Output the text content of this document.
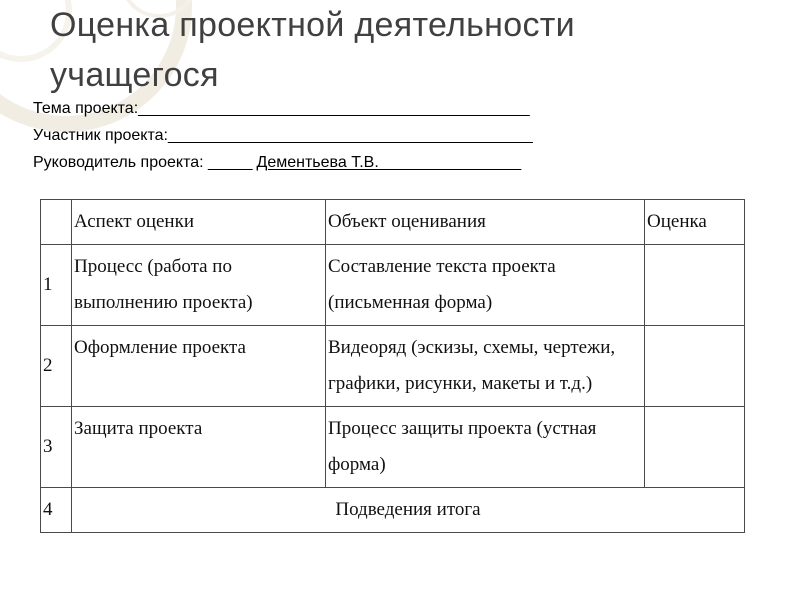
Оценка проектной деятельности
учащегося
Тема проекта:____________________________________________
Участник проекта:_________________________________________
Руководитель проекта: _____ Дементьева Т.В.________________
	Аспект оценки	Объект оценивания	Оценка
1	Процесс (работа по выполнению проекта)	Составление текста проекта (письменная форма)	
2	Оформление проекта	Видеоряд (эскизы, схемы, чертежи, графики, рисунки, макеты и т.д.)	
3	Защита проекта	Процесс защиты проекта (устная форма)	
4	Подведения итога		
